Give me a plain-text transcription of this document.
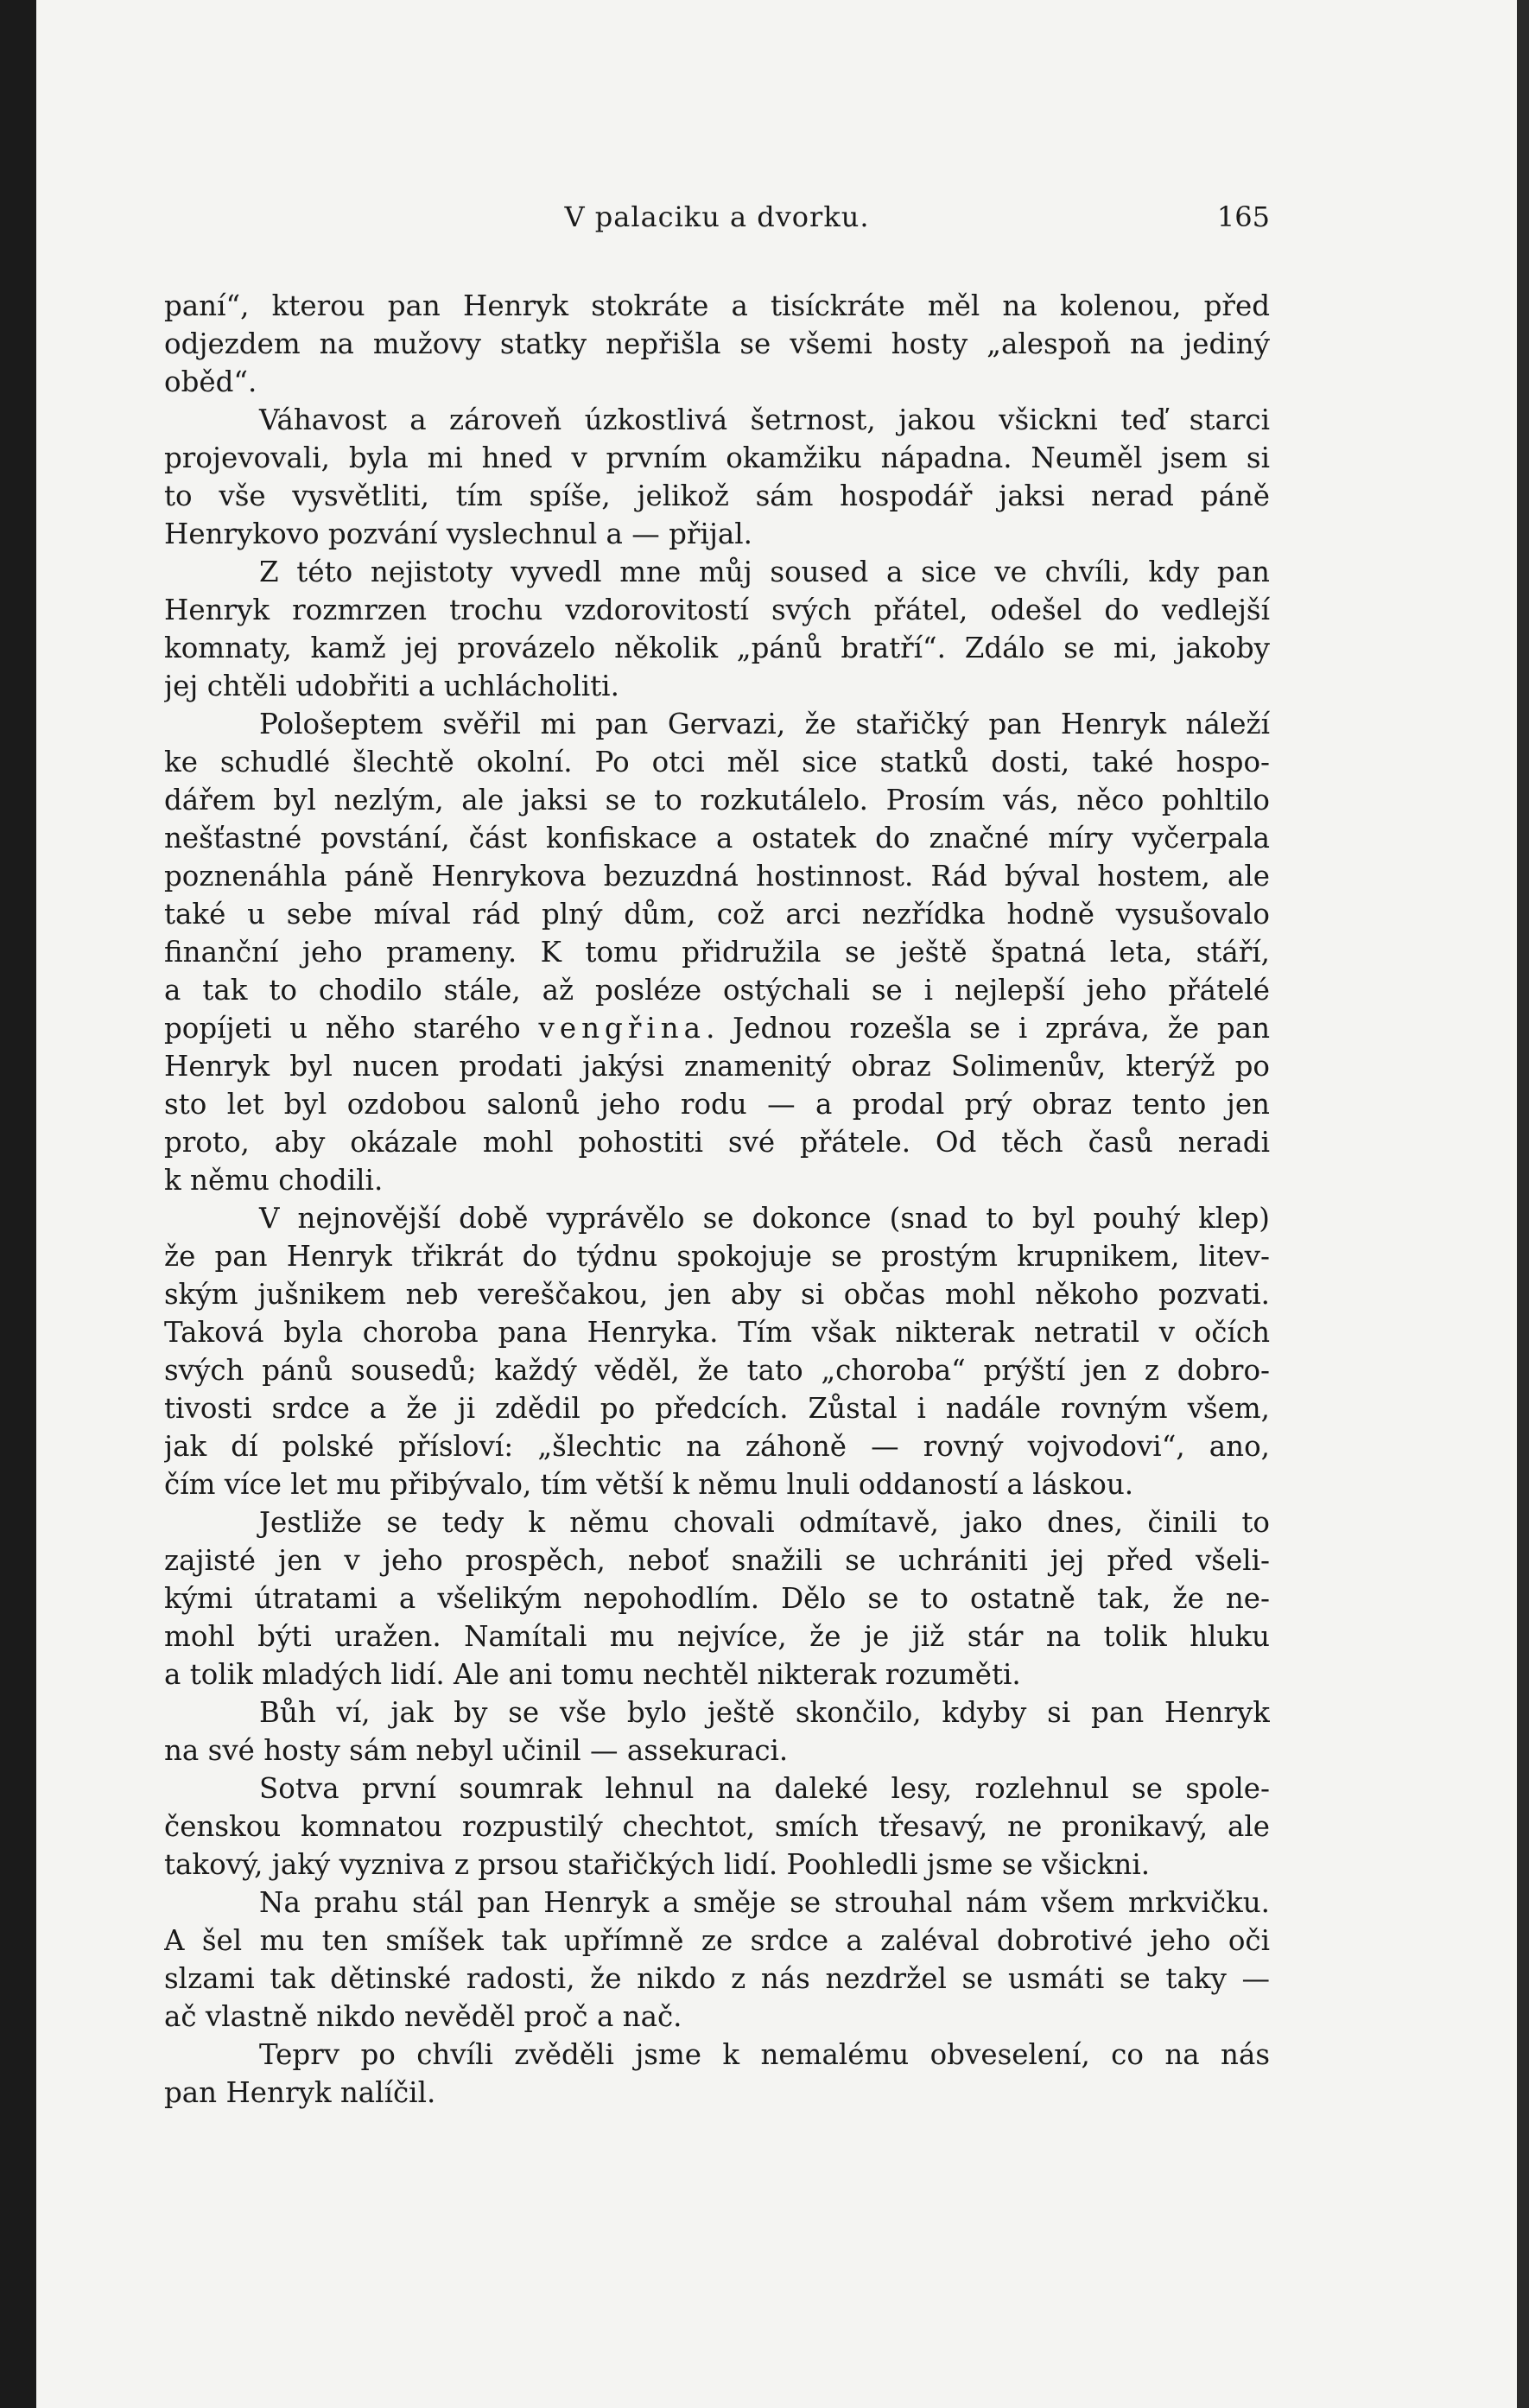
V palaciku a dvorku.	165
paní“, kterou pan Henryk stokráte a tisíckráte měl na kolenou, před
odjezdem na mužovy statky nepřišla se všemi hosty „alespoň na jediný
oběd“.
Váhavost a zároveň úzkostlivá šetrnost, jakou všickni teď starci
projevovali, byla mi hned v prvním okamžiku nápadna. Neuměl jsem si
to vše vysvětliti, tím spíše, jelikož sám hospodář jaksi nerad páně
Henrykovo pozvání vyslechnul a — přijal.
Z této nejistoty vyvedl mne můj soused a sice ve chvíli, kdy pan
Henryk rozmrzen trochu vzdorovitostí svých přátel, odešel do vedlejší
komnaty, kamž jej provázelo několik „pánů bratří“. Zdálo se mi, jakoby
jej chtěli udobřiti a uchlácholiti.
Pološeptem svěřil mi pan Gervazi, že stařičký pan Henryk náleží
ke schudlé šlechtě okolní. Po otci měl sice statků dosti, také hospo-
dářem byl nezlým, ale jaksi se to rozkutálelo. Prosím vás, něco pohltilo
nešťastné povstání, část konfiskace a ostatek do značné míry vyčerpala
poznenáhla páně Henrykova bezuzdná hostinnost. Rád býval hostem, ale
také u sebe míval rád plný dům, což arci nezřídka hodně vysušovalo
finanční jeho prameny. K tomu přidružila se ještě špatná leta, stáří,
a tak to chodilo stále, až posléze ostýchali se i nejlepší jeho přátelé
popíjeti u něho starého vengřina. Jednou rozešla se i zpráva, že pan
Henryk byl nucen prodati jakýsi znamenitý obraz Solimenův, kterýž po
sto let byl ozdobou salonů jeho rodu — a prodal prý obraz tento jen
proto, aby okázale mohl pohostiti své přátele. Od těch časů neradi
k němu chodili.
V nejnovější době vyprávělo se dokonce (snad to byl pouhý klep)
že pan Henryk třikrát do týdnu spokojuje se prostým krupnikem, litev-
ským jušnikem neb vereščakou, jen aby si občas mohl někoho pozvati.
Taková byla choroba pana Henryka. Tím však nikterak netratil v očích
svých pánů sousedů; každý věděl, že tato „choroba“ prýští jen z dobro-
tivosti srdce a že ji zdědil po předcích. Zůstal i nadále rovným všem,
jak dí polské přísloví: „šlechtic na záhoně — rovný vojvodovi“, ano,
čím více let mu přibývalo, tím větší k němu lnuli oddaností a láskou.
Jestliže se tedy k němu chovali odmítavě, jako dnes, činili to
zajisté jen v jeho prospěch, neboť snažili se uchrániti jej před všeli-
kými útratami a všelikým nepohodlím. Dělo se to ostatně tak, že ne-
mohl býti uražen. Namítali mu nejvíce, že je již stár na tolik hluku
a tolik mladých lidí. Ale ani tomu nechtěl nikterak rozuměti.
Bůh ví, jak by se vše bylo ještě skončilo, kdyby si pan Henryk
na své hosty sám nebyl učinil — assekuraci.
Sotva první soumrak lehnul na daleké lesy, rozlehnul se spole-
čenskou komnatou rozpustilý chechtot, smích třesavý, ne pronikavý, ale
takový, jaký vyzniva z prsou stařičkých lidí. Poohledli jsme se všickni.
Na prahu stál pan Henryk a směje se strouhal nám všem mrkvičku.
A šel mu ten smíšek tak upřímně ze srdce a zaléval dobrotivé jeho oči
slzami tak dětinské radosti, že nikdo z nás nezdržel se usmáti se taky —
ač vlastně nikdo nevěděl proč a nač.
Teprv po chvíli zvěděli jsme k nemalému obveselení, co na nás
pan Henryk nalíčil.
